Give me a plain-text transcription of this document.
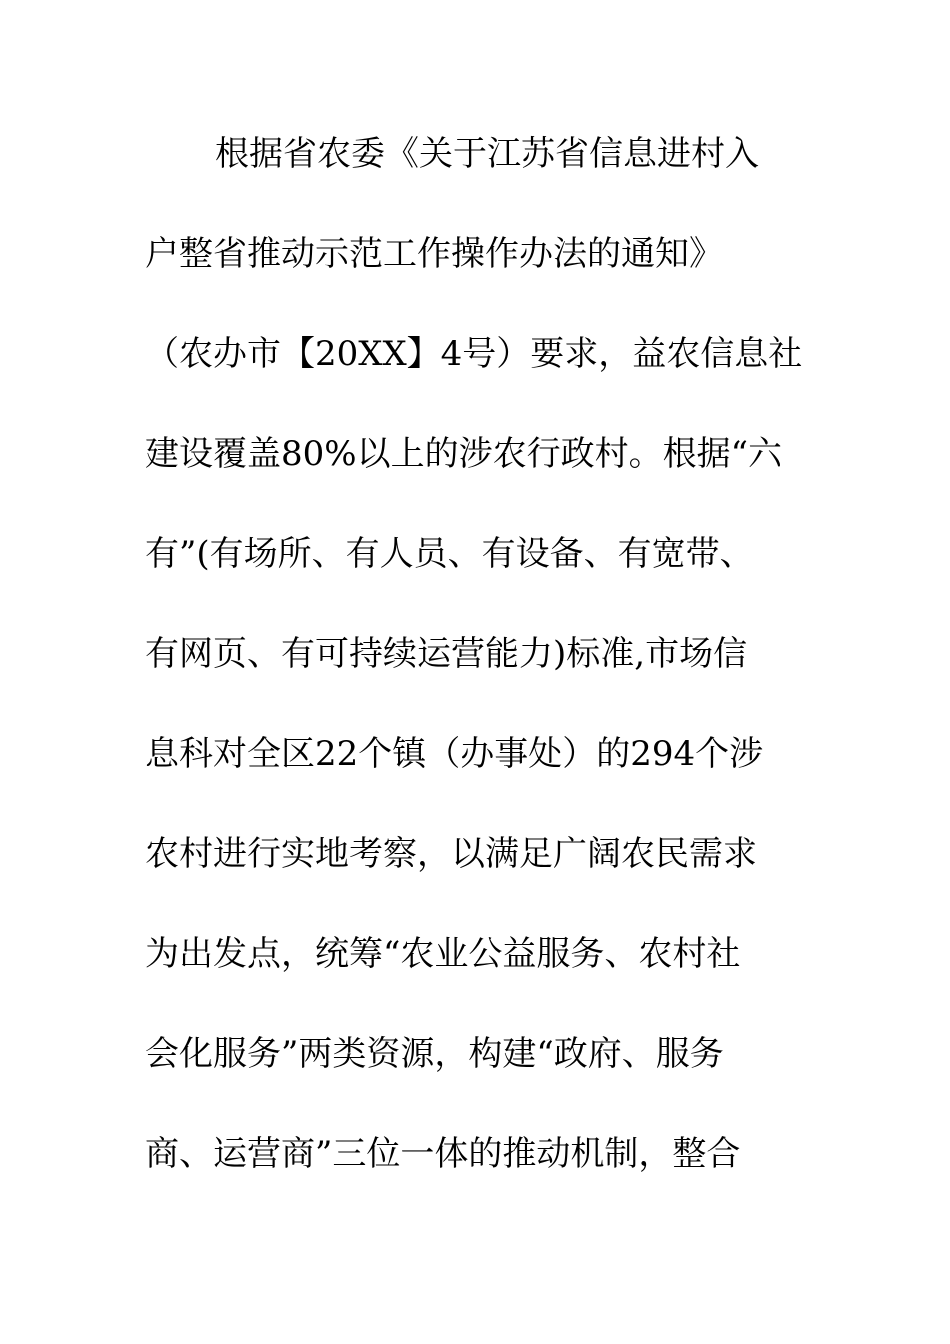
根据省农委《关于江苏省信息进村入
户整省推动示范工作操作办法的通知》
（农办市【20XX】4号）要求，益农信息社
建设覆盖80%以上的涉农行政村。根据“六
有”(有场所、有人员、有设备、有宽带、
有网页、有可持续运营能力)标准,市场信
息科对全区22个镇（办事处）的294个涉
农村进行实地考察，以满足广阔农民需求
为出发点，统筹“农业公益服务、农村社
会化服务”两类资源，构建“政府、服务
商、运营商”三位一体的推动机制，整合
